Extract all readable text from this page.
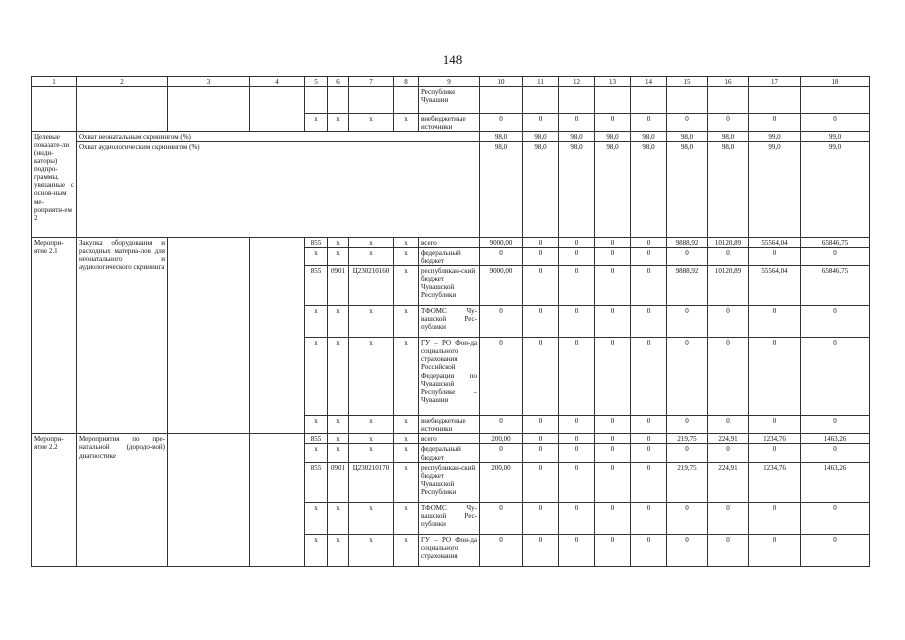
148
1	2	3	4	5	6	7	8	9	10	11	12	13	14	15	16	17	18
								Республике Чувашии									
				x	x	x	x	внебюджетные источники	0	0	0	0	0	0	0	0	0
Целевые показате-ли (инди-каторы) подпро-граммы, увязанные с основ-ным ме-роприяти-ем 2	Охват неонатальным скринингом (%)								98,0	98,0	98,0	98,0	98,0	98,0	98,0	99,0	99,0
	Охват аудиологическим скринингом (%)								98,0	98,0	98,0	98,0	98,0	98,0	98,0	99,0	99,0
Меропри-ятие 2.1	Закупка оборудования и расходных материа-лов для неонатального и аудиологического скрининга			855	x	x	x	всего	9000,00	0	0	0	0	9888,92	10120,89	55564,04	65846,75
				x	x	x	x	федеральный бюджет	0	0	0	0	0	0	0	0	0
				855	0901	Ц230210160	x	республикан-ский бюджет Чувашской Республики	9000,00	0	0	0	0	9888,92	10120,89	55564,04	65846,75
				x	x	x	x	ТФОМС Чу-вашской Рес-публики	0	0	0	0	0	0	0	0	0
				x	x	x	x	ГУ – РО Фон-да социального страхования Российской Федерации по Чувашской Республике – Чувашии	0	0	0	0	0	0	0	0	0
				x	x	x	x	внебюджетные источники	0	0	0	0	0	0	0	0	0
Меропри-ятие 2.2	Мероприятия по пре-натальной (дородо-вой) диагностике			855	x	x	x	всего	200,00	0	0	0	0	219,75	224,91	1234,76	1463,26
				x	x	x	x	федеральный бюджет	0	0	0	0	0	0	0	0	0
				855	0901	Ц230210170	x	республикан-ский бюджет Чувашской Республики	200,00	0	0	0	0	219,75	224,91	1234,76	1463,26
				x	x	x	x	ТФОМС Чу-вашской Рес-публики	0	0	0	0	0	0	0	0	0
				x	x	x	x	ГУ – РО Фон-да социального страхования	0	0	0	0	0	0	0	0	0
